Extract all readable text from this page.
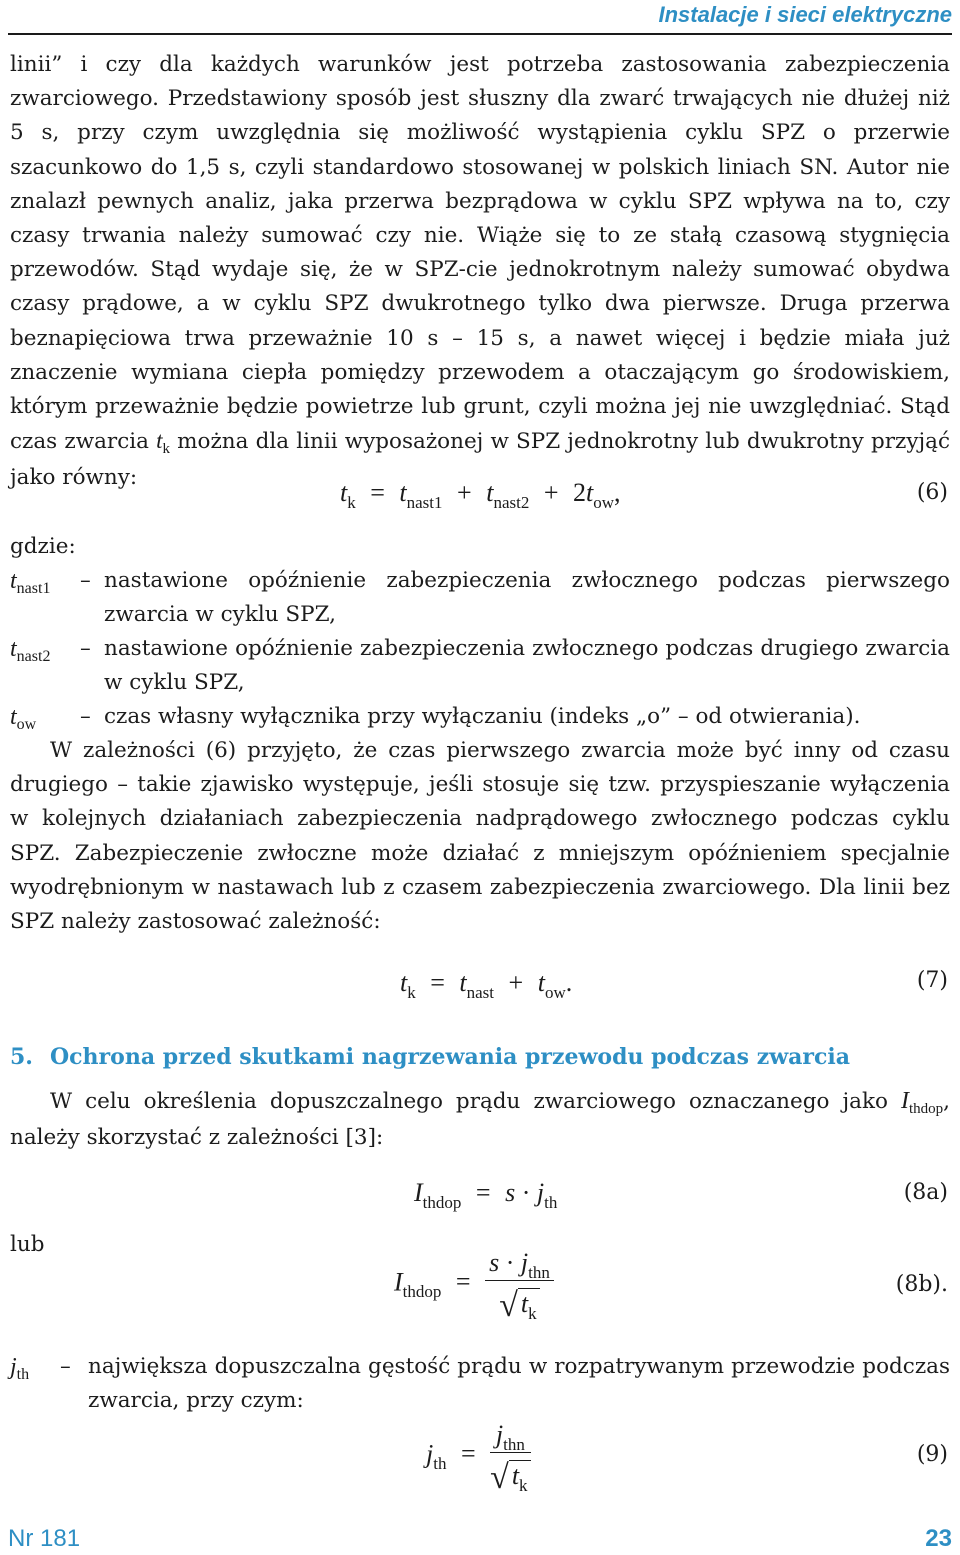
Instalacje i sieci elektryczne

linii” i czy dla każdych warunków jest potrzeba zastosowania zabezpieczenia zwarciowego. Przedstawiony sposób jest słuszny dla zwarć trwających nie dłużej niż 5 s, przy czym uwzględnia się możliwość wystąpienia cyklu SPZ o przerwie szacunkowo do 1,5 s, czyli standardowo stosowanej w polskich liniach SN. Autor nie znalazł pewnych analiz, jaka przerwa bezprądowa w cyklu SPZ wpływa na to, czy czasy trwania należy sumować czy nie. Wiąże się to ze stałą czasową stygnięcia przewodów. Stąd wydaje się, że w SPZ-cie jednokrotnym należy sumować obydwa czasy prądowe, a w cyklu SPZ dwukrotnego tylko dwa pierwsze. Druga przerwa beznapięciowa trwa przeważnie 10 s – 15 s, a nawet więcej i będzie miała już znaczenie wymiana ciepła pomiędzy przewodem a otaczającym go środowiskiem, którym przeważnie będzie powietrze lub grunt, czyli można jej nie uwzględniać. Stąd czas zwarcia $t_k$ można dla linii wyposażonej w SPZ jednokrotny lub dwukrotny przyjąć jako równy:

$t_k = t_{nast1} + t_{nast2} + 2t_{ow}$,	(6)
gdzie:
$t_{nast1}$ – nastawione opóźnienie zabezpieczenia zwłocznego podczas pierwszego zwarcia w cyklu SPZ,
$t_{nast2}$ – nastawione opóźnienie zabezpieczenia zwłocznego podczas drugiego zwarcia w cyklu SPZ,
$t_{ow}$ – czas własny wyłącznika przy wyłączaniu (indeks „o” – od otwierania).

W zależności (6) przyjęto, że czas pierwszego zwarcia może być inny od czasu drugiego – takie zjawisko występuje, jeśli stosuje się tzw. przyspieszanie wyłączenia w kolejnych działaniach zabezpieczenia nadprądowego zwłocznego podczas cyklu SPZ. Zabezpieczenie zwłoczne może działać z mniejszym opóźnieniem specjalnie wyodrębnionym w nastawach lub z czasem zabezpieczenia zwarciowego. Dla linii bez SPZ należy zastosować zależność:

$t_k = t_{nast} + t_{ow}$.	(7)
5. Ochrona przed skutkami nagrzewania przewodu podczas zwarcia

W celu określenia dopuszczalnego prądu zwarciowego oznaczanego jako $I_{thdop}$, należy skorzystać z zależności [3]:

$I_{thdop} = s \cdot j_{th}$	(8a)
lub
$I_{thdop} = \frac{s \cdot j_{thn}}{√ t_k}$	(8b).
$j_{th}$ – największa dopuszczalna gęstość prądu w rozpatrywanym przewodzie podczas zwarcia, przy czym:
$j_{th} = \frac{j_{thn}}{√ t_k}$	(9)
Nr 181	23
